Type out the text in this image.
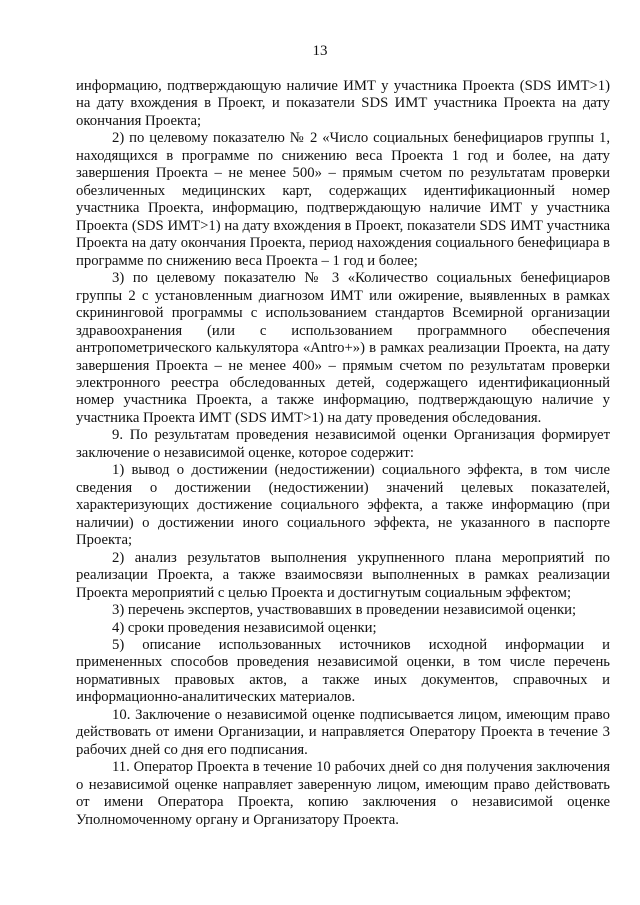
13

информацию, подтверждающую наличие ИМТ у участника Проекта (SDS ИМТ>1) на дату вхождения в Проект, и показатели SDS ИМТ участника Проекта на дату окончания Проекта;

2) по целевому показателю № 2 «Число социальных бенефициаров группы 1, находящихся в программе по снижению веса Проекта 1 год и более, на дату завершения Проекта – не менее 500» – прямым счетом по результатам проверки обезличенных медицинских карт, содержащих идентификационный номер участника Проекта, информацию, подтверждающую наличие ИМТ у участника Проекта (SDS ИМТ>1) на дату вхождения в Проект, показатели SDS ИМТ участника Проекта на дату окончания Проекта, период нахождения социального бенефициара в программе по снижению веса Проекта – 1 год и более;

3) по целевому показателю № 3 «Количество социальных бенефициаров группы 2 с установленным диагнозом ИМТ или ожирение, выявленных в рамках скрининговой программы с использованием стандартов Всемирной организации здравоохранения (или с использованием программного обеспечения антропометрического калькулятора «Antro+») в рамках реализации Проекта, на дату завершения Проекта – не менее 400» – прямым счетом по результатам проверки электронного реестра обследованных детей, содержащего идентификационный номер участника Проекта, а также информацию, подтверждающую наличие у участника Проекта ИМТ (SDS ИМТ>1) на дату проведения обследования.

9. По результатам проведения независимой оценки Организация формирует заключение о независимой оценке, которое содержит:

1) вывод о достижении (недостижении) социального эффекта, в том числе сведения о достижении (недостижении) значений целевых показателей, характеризующих достижение социального эффекта, а также информацию (при наличии) о достижении иного социального эффекта, не указанного в паспорте Проекта;

2) анализ результатов выполнения укрупненного плана мероприятий по реализации Проекта, а также взаимосвязи выполненных в рамках реализации Проекта мероприятий с целью Проекта и достигнутым социальным эффектом;

3) перечень экспертов, участвовавших в проведении независимой оценки;

4) сроки проведения независимой оценки;

5) описание использованных источников исходной информации и примененных способов проведения независимой оценки, в том числе перечень нормативных правовых актов, а также иных документов, справочных и информационно-аналитических материалов.

10. Заключение о независимой оценке подписывается лицом, имеющим право действовать от имени Организации, и направляется Оператору Проекта в течение 3 рабочих дней со дня его подписания.

11. Оператор Проекта в течение 10 рабочих дней со дня получения заключения о независимой оценке направляет заверенную лицом, имеющим право действовать от имени Оператора Проекта, копию заключения о независимой оценке Уполномоченному органу и Организатору Проекта.
